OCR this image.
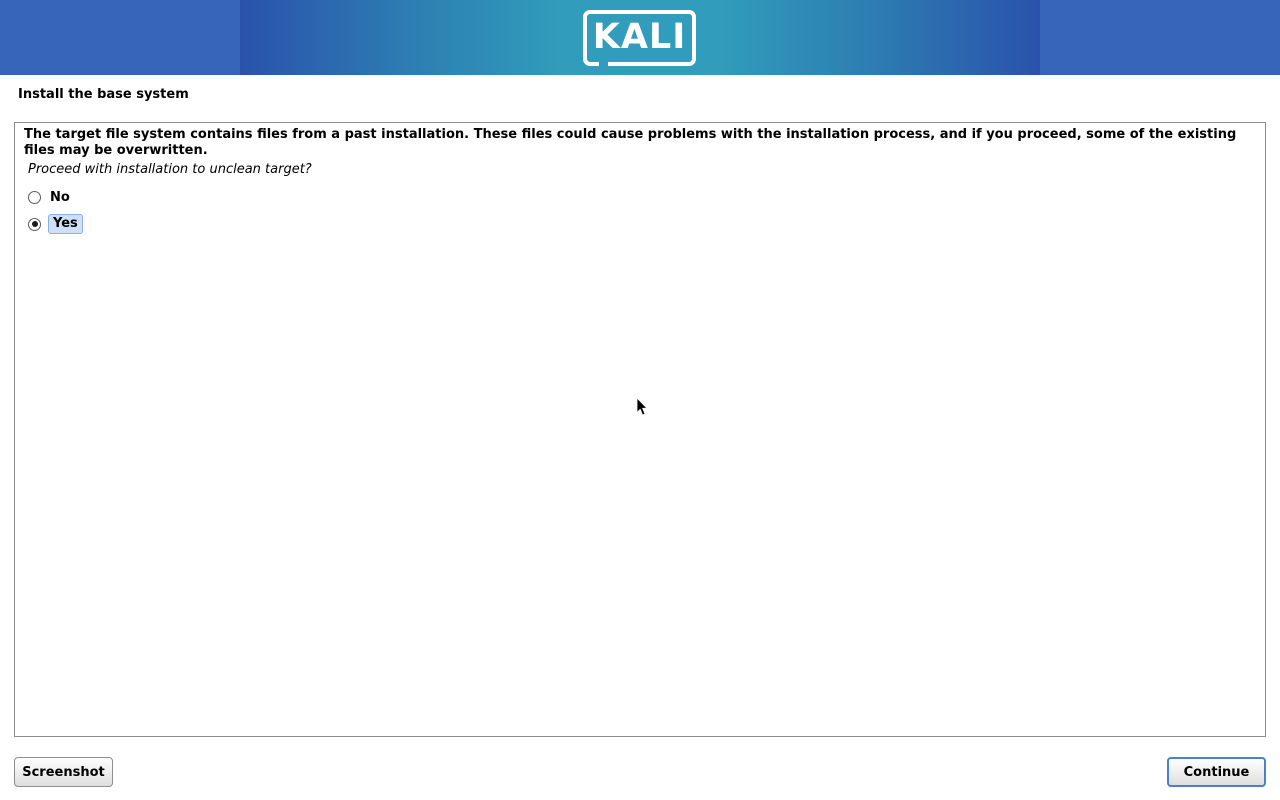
KALI
Install the base system
The target file system contains files from a past installation. These files could cause problems with the installation process, and if you proceed, some of the existing files may be overwritten.
Proceed with installation to unclean target?
No
Yes
Screenshot	Continue
